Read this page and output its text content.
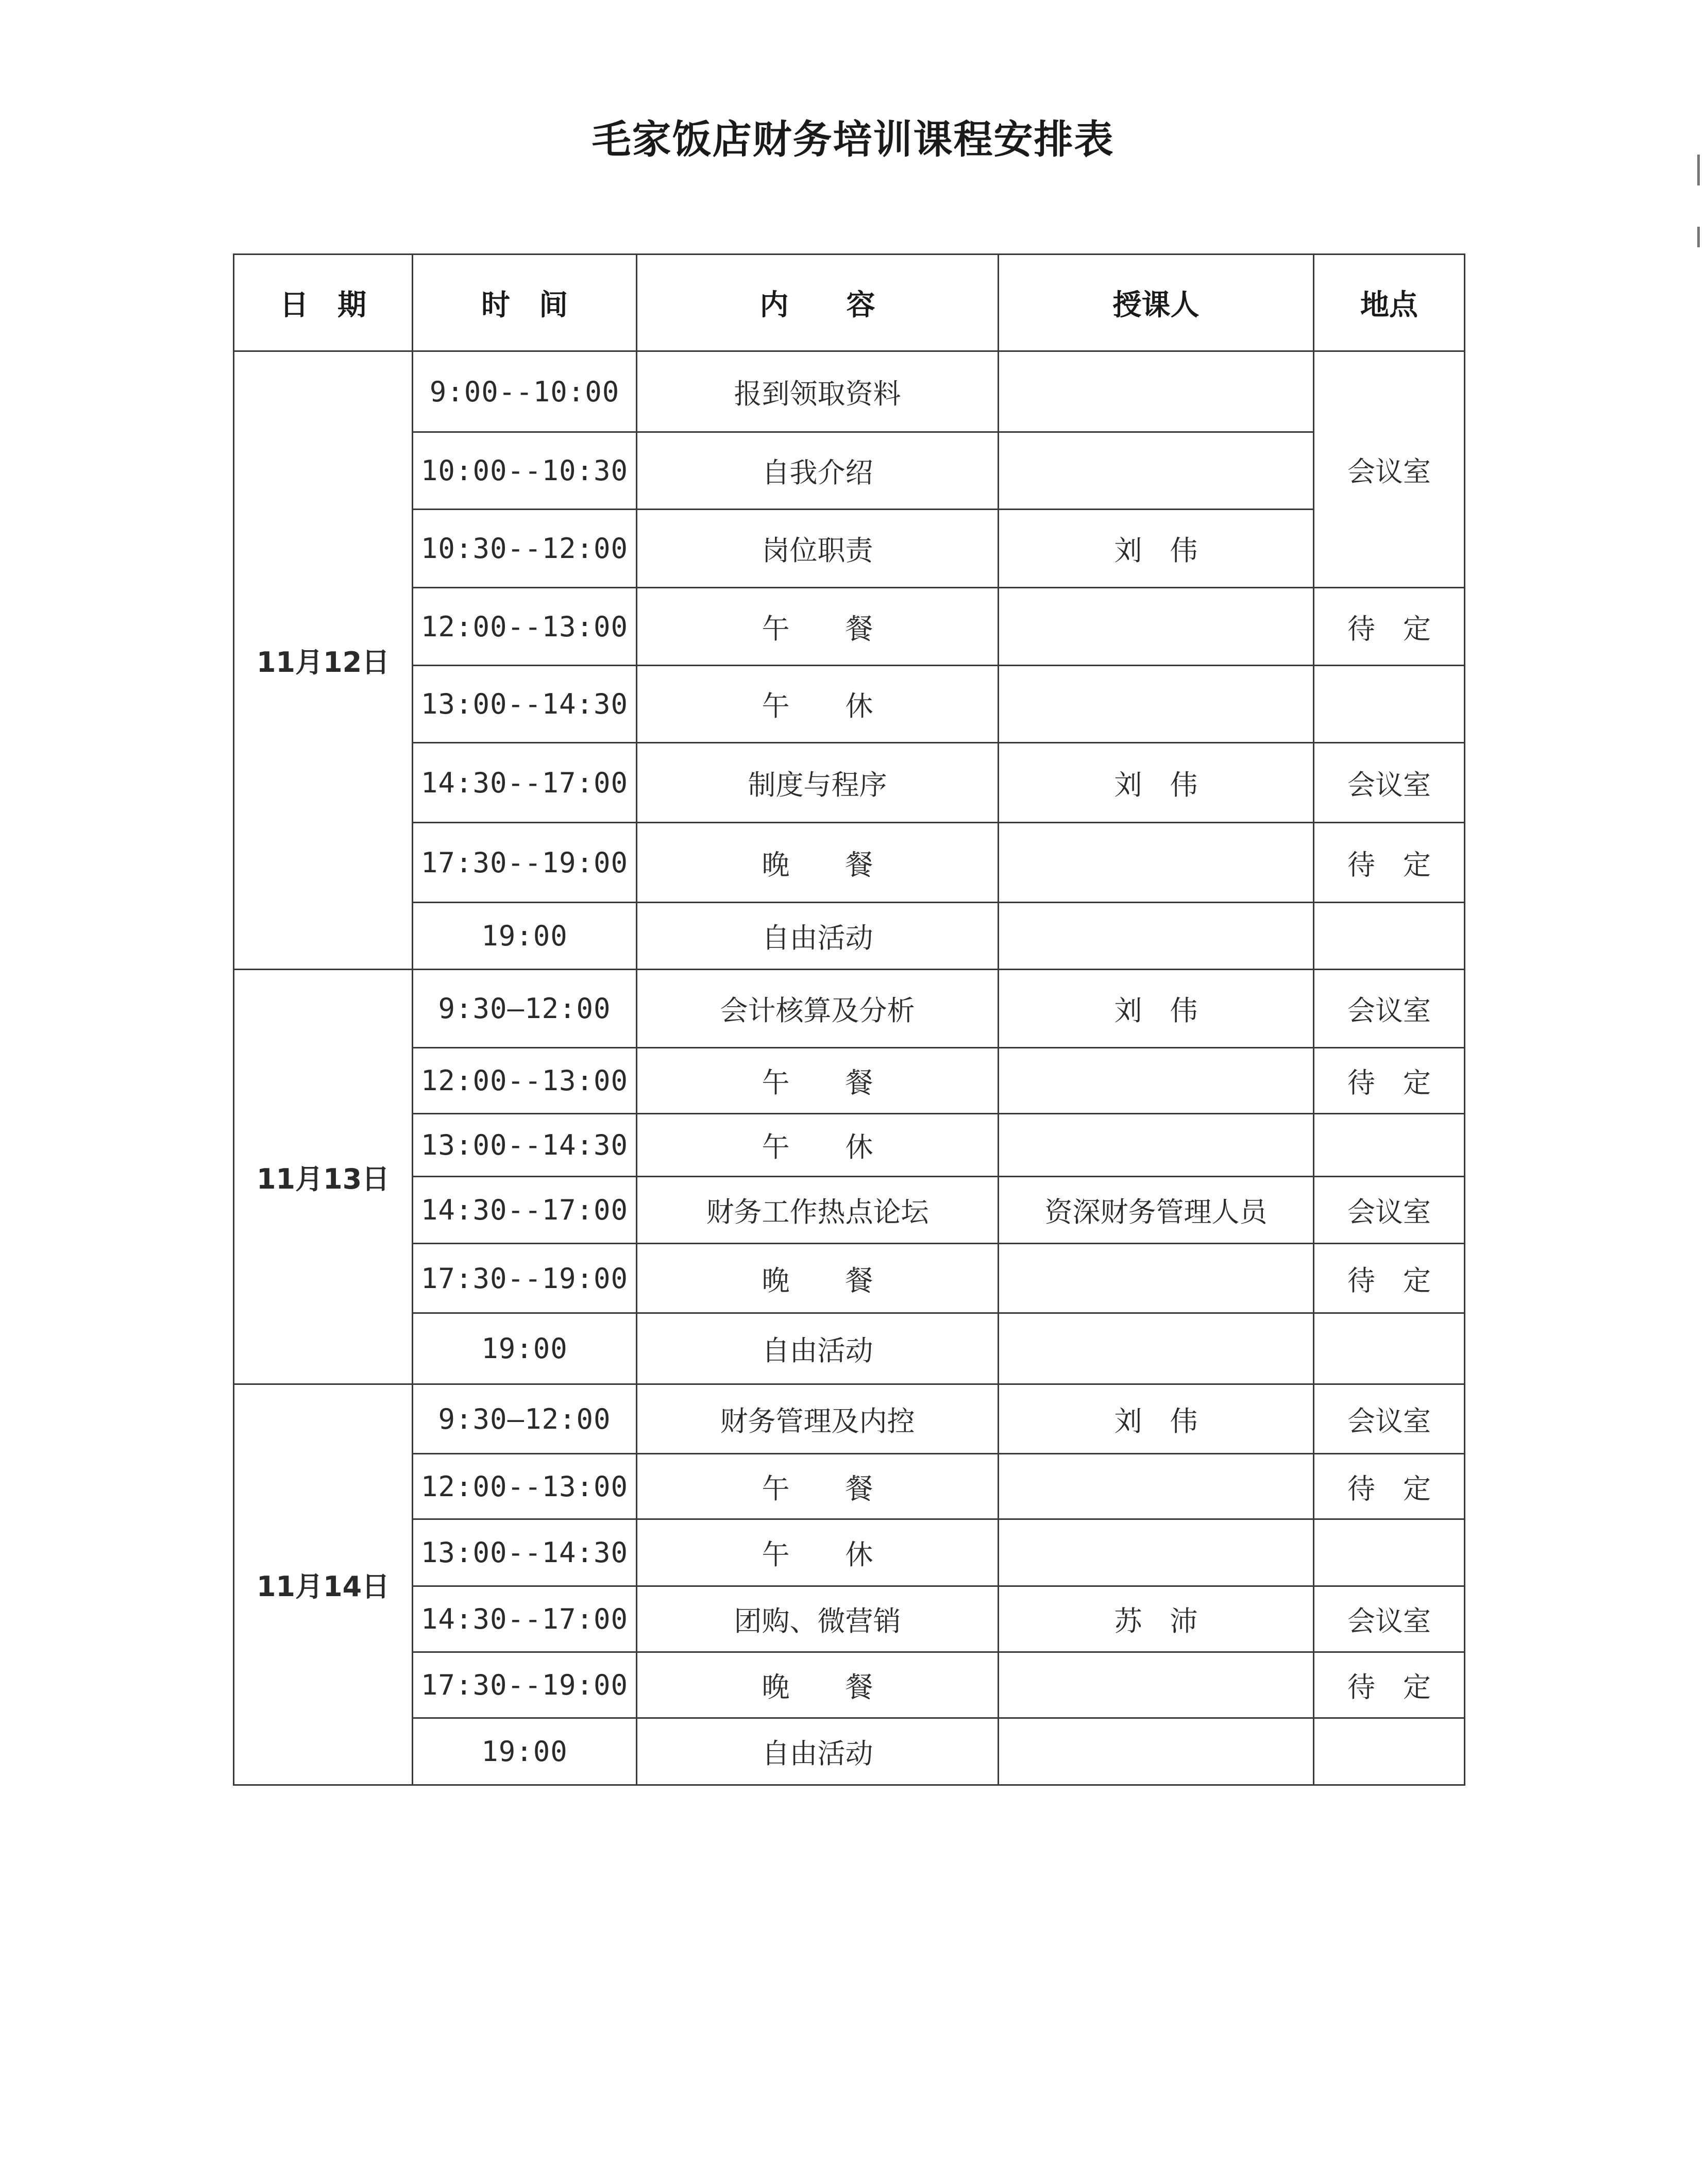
毛家饭店财务培训课程安排表
日　期	时　间	内　　容	授课人	地点
11月12日	9:00--10:00	报到领取资料		会议室
	10:00--10:30	自我介绍		
	10:30--12:00	岗位职责	刘　伟	
	12:00--13:00	午　　餐		待　定
	13:00--14:30	午　　休		
	14:30--17:00	制度与程序	刘　伟	会议室
	17:30--19:00	晚　　餐		待　定
	19:00	自由活动		
11月13日	9:30—12:00	会计核算及分析	刘　伟	会议室
	12:00--13:00	午　　餐		待　定
	13:00--14:30	午　　休		
	14:30--17:00	财务工作热点论坛	资深财务管理人员	会议室
	17:30--19:00	晚　　餐		待　定
	19:00	自由活动		
11月14日	9:30—12:00	财务管理及内控	刘　伟	会议室
	12:00--13:00	午　　餐		待　定
	13:00--14:30	午　　休		
	14:30--17:00	团购、微营销	苏　沛	会议室
	17:30--19:00	晚　　餐		待　定
	19:00	自由活动		
